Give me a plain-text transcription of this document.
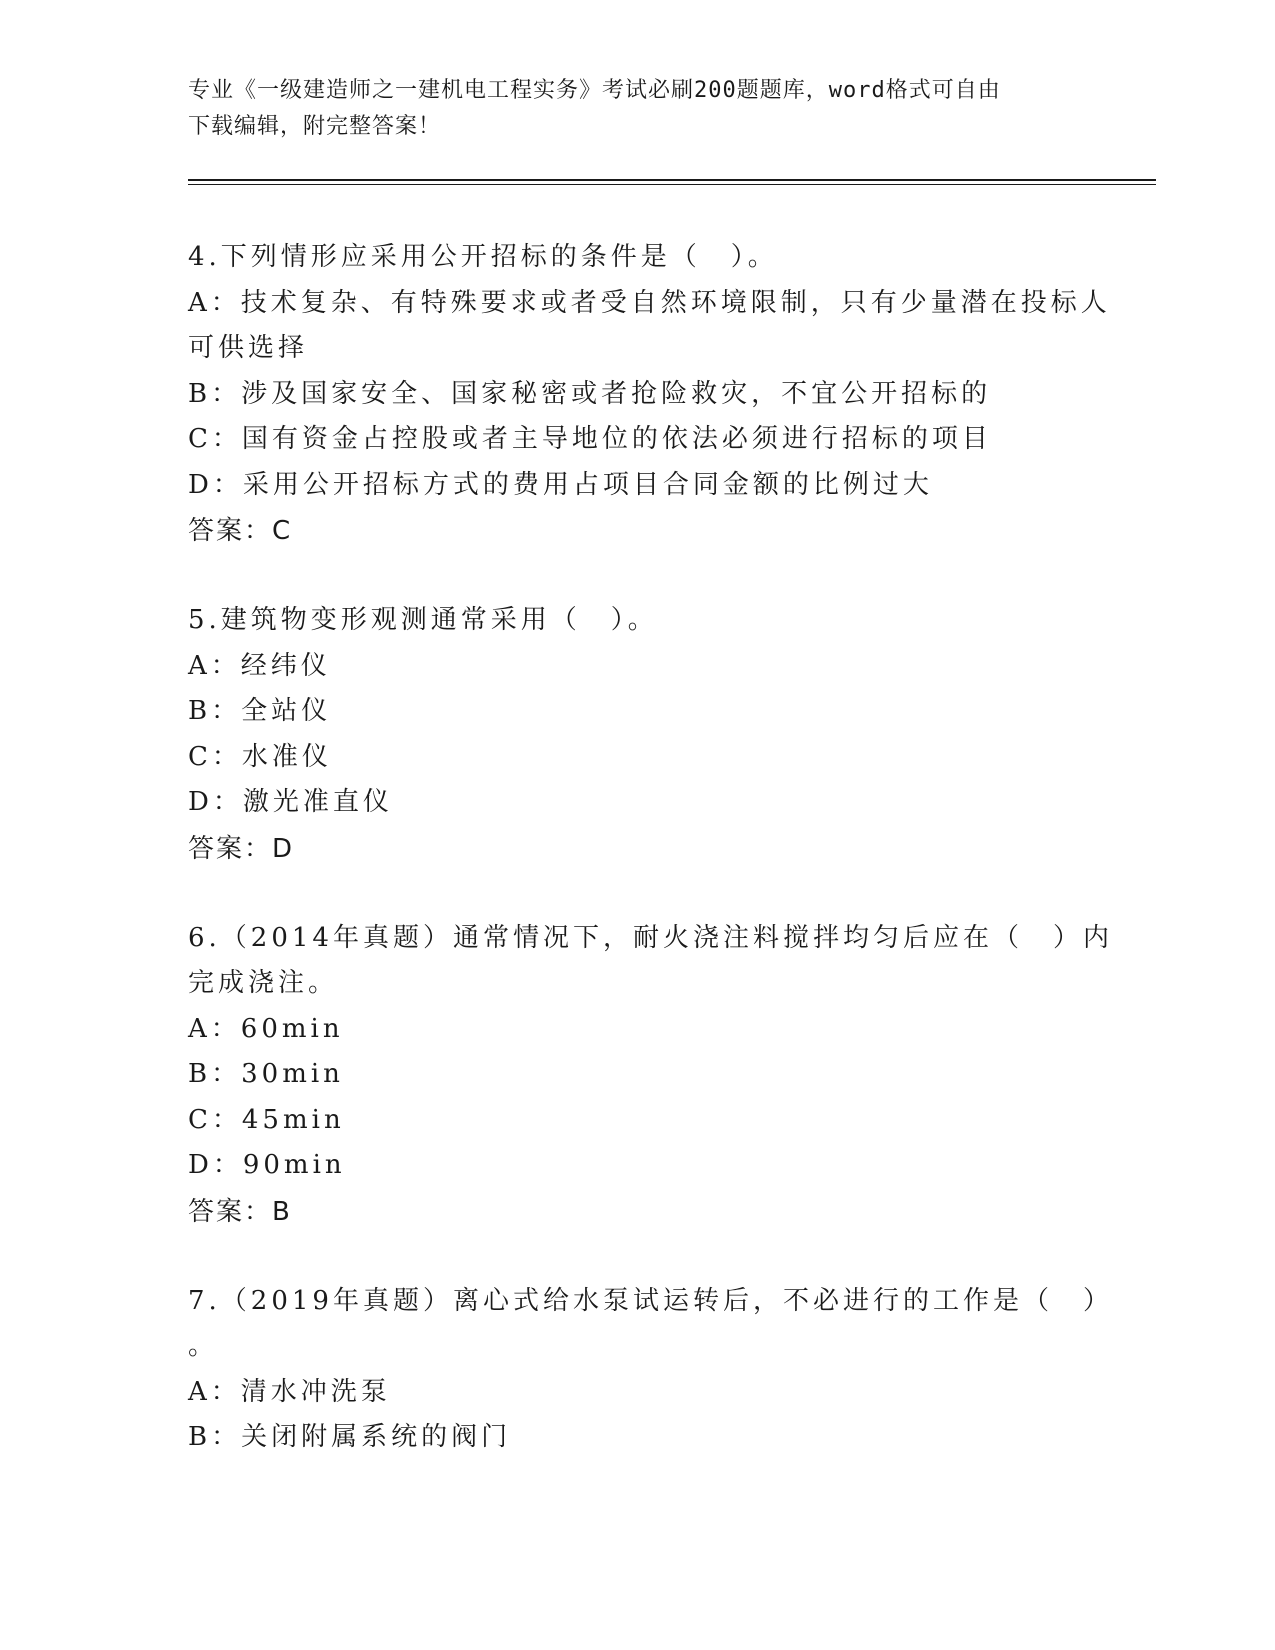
专业《一级建造师之一建机电工程实务》考试必刷200题题库，word格式可自由
下载编辑，附完整答案！
4.下列情形应采用公开招标的条件是（　）。
A：技术复杂、有特殊要求或者受自然环境限制，只有少量潜在投标人
可供选择
B：涉及国家安全、国家秘密或者抢险救灾，不宜公开招标的
C：国有资金占控股或者主导地位的依法必须进行招标的项目
D：采用公开招标方式的费用占项目合同金额的比例过大
答案：C
5.建筑物变形观测通常采用（　）。
A：经纬仪
B：全站仪
C：水准仪
D：激光准直仪
答案：D
6.（2014年真题）通常情况下，耐火浇注料搅拌均匀后应在（　）内
完成浇注。
A：60min
B：30min
C：45min
D：90min
答案：B
7.（2019年真题）离心式给水泵试运转后，不必进行的工作是（　）
。
A：清水冲洗泵
B：关闭附属系统的阀门
